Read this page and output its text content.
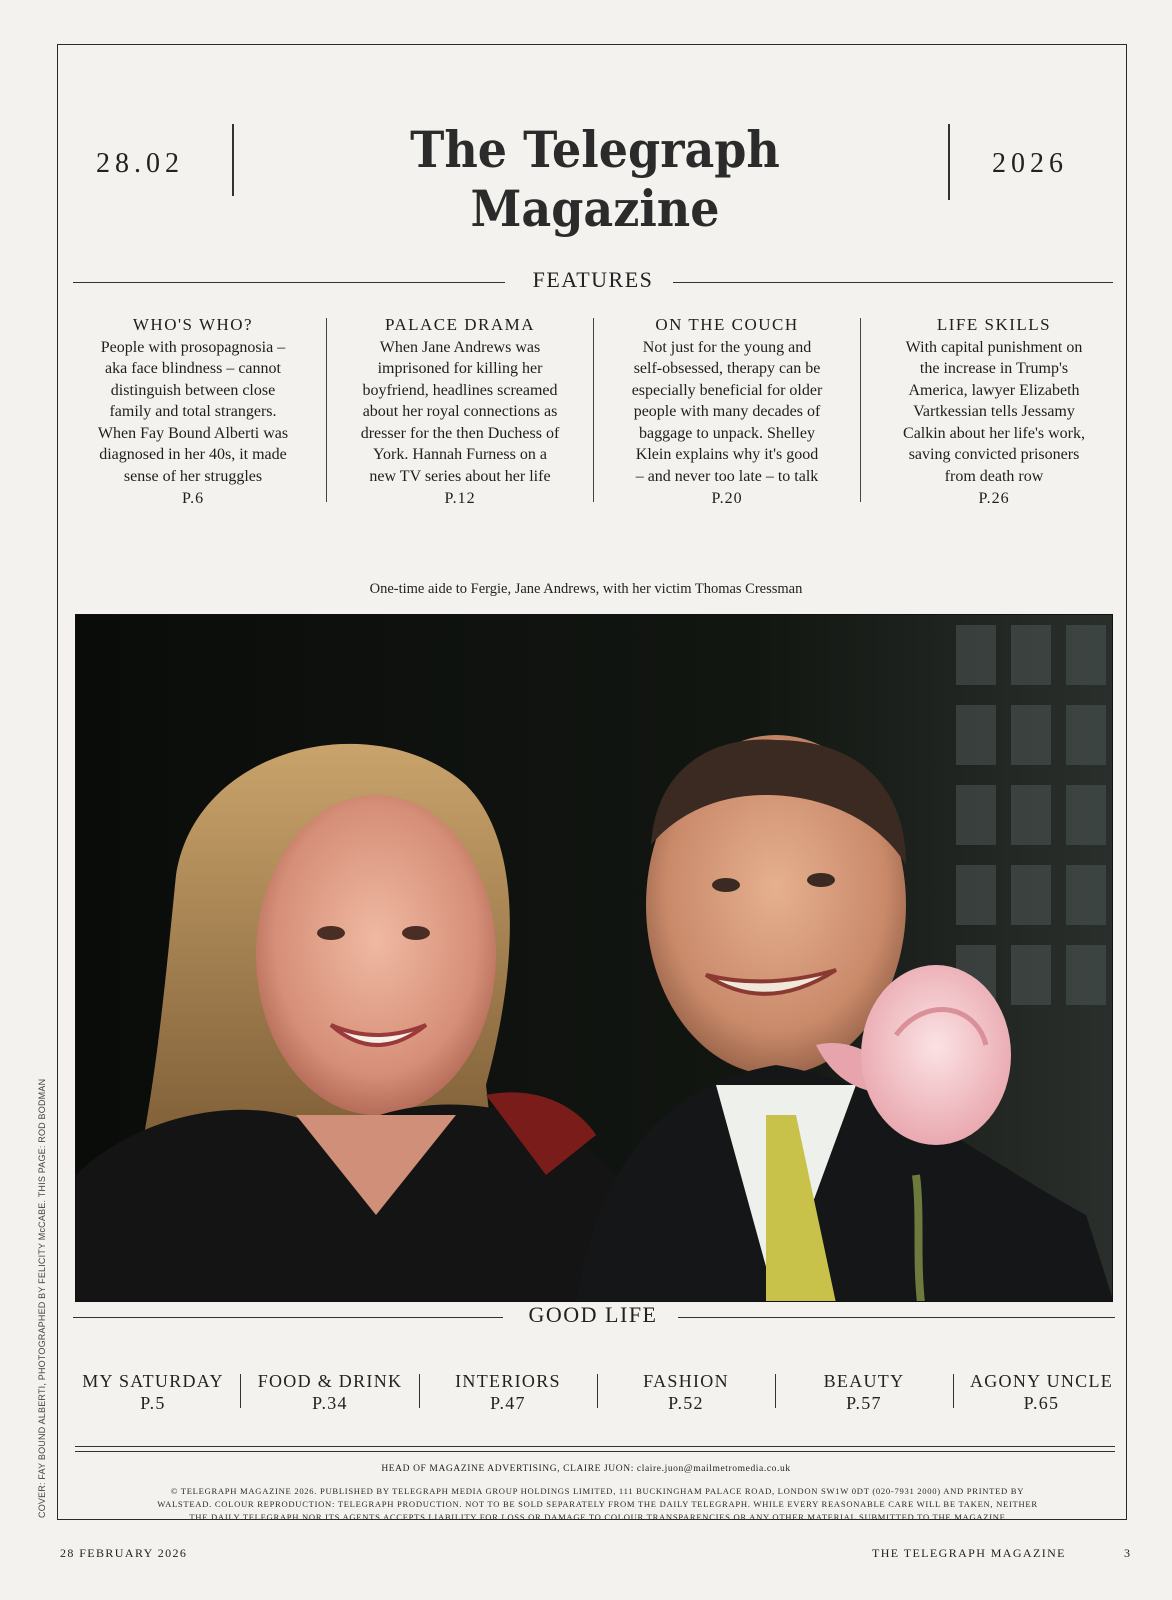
28.02	The Telegraph Magazine
2026
FEATURES
WHO'S WHO?
People with prosopagnosia –
aka face blindness – cannot
distinguish between close
family and total strangers.
When Fay Bound Alberti was
diagnosed in her 40s, it made
sense of her struggles
P.6
PALACE DRAMA
When Jane Andrews was
imprisoned for killing her
boyfriend, headlines screamed
about her royal connections as
dresser for the then Duchess of
York. Hannah Furness on a
new TV series about her life
P.12
ON THE COUCH
Not just for the young and
self-obsessed, therapy can be
especially beneficial for older
people with many decades of
baggage to unpack. Shelley
Klein explains why it's good
– and never too late – to talk
P.20
LIFE SKILLS
With capital punishment on
the increase in Trump's
America, lawyer Elizabeth
Vartkessian tells Jessamy
Calkin about her life's work,
saving convicted prisoners
from death row
P.26
One-time aide to Fergie, Jane Andrews, with her victim Thomas Cressman
GOOD LIFE
MY SATURDAY
P.5
FOOD & DRINK
P.34
INTERIORS
P.47
FASHION
P.52
BEAUTY
P.57
AGONY UNCLE
P.65
HEAD OF MAGAZINE ADVERTISING, CLAIRE JUON: claire.juon@mailmetromedia.co.uk
© TELEGRAPH MAGAZINE 2026. PUBLISHED BY TELEGRAPH MEDIA GROUP HOLDINGS LIMITED, 111 BUCKINGHAM PALACE ROAD, LONDON SW1W 0DT (020-7931 2000) AND PRINTED BY
WALSTEAD. COLOUR REPRODUCTION: TELEGRAPH PRODUCTION. NOT TO BE SOLD SEPARATELY FROM THE DAILY TELEGRAPH. WHILE EVERY REASONABLE CARE WILL BE TAKEN, NEITHER
THE DAILY TELEGRAPH NOR ITS AGENTS ACCEPTS LIABILITY FOR LOSS OR DAMAGE TO COLOUR TRANSPARENCIES OR ANY OTHER MATERIAL SUBMITTED TO THE MAGAZINE
COVER: FAY BOUND ALBERTI, PHOTOGRAPHED BY FELICITY McCABE. THIS PAGE: ROD BODMAN
28 FEBRUARY 2026	THE TELEGRAPH MAGAZINE	3
